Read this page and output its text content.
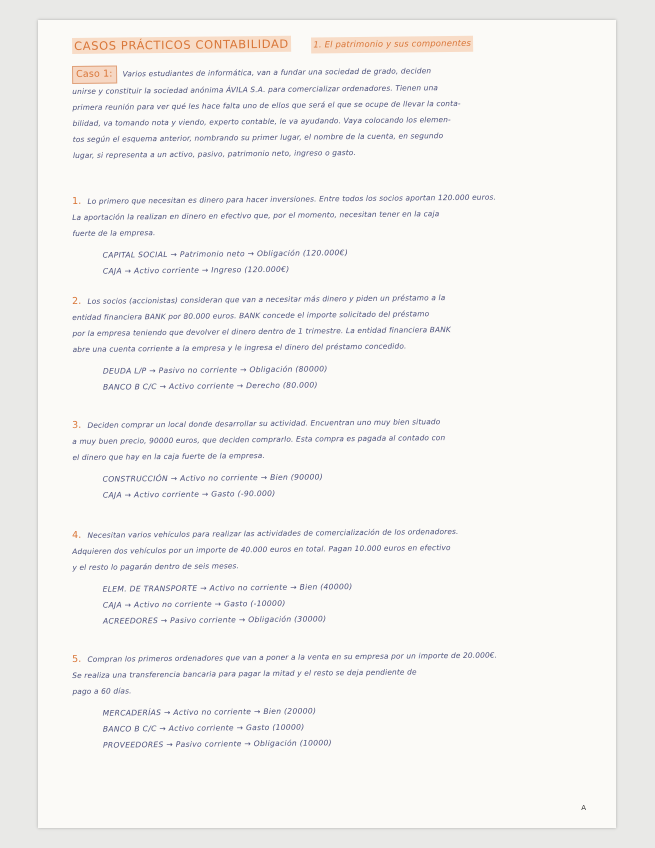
CASOS PRÁCTICOS CONTABILIDAD	1. El patrimonio y sus componentes
Caso 1: Varios estudiantes de informática, van a fundar una sociedad de grado, deciden
unirse y constituir la sociedad anónima ÁVILA S.A. para comercializar ordenadores. Tienen una
primera reunión para ver qué les hace falta uno de ellos que será el que se ocupe de llevar la conta-
bilidad, va tomando nota y viendo, experto contable, le va ayudando. Vaya colocando los elemen-
tos según el esquema anterior, nombrando su primer lugar, el nombre de la cuenta, en segundo
lugar, si representa a un activo, pasivo, patrimonio neto, ingreso o gasto.
1. Lo primero que necesitan es dinero para hacer inversiones. Entre todos los socios aportan 120.000 euros.
La aportación la realizan en dinero en efectivo que, por el momento, necesitan tener en la caja
fuerte de la empresa.
CAPITAL SOCIAL → Patrimonio neto → Obligación (120.000€)
CAJA → Activo corriente → Ingreso (120.000€)
2. Los socios (accionistas) consideran que van a necesitar más dinero y piden un préstamo a la
entidad financiera BANK por 80.000 euros. BANK concede el importe solicitado del préstamo
por la empresa teniendo que devolver el dinero dentro de 1 trimestre. La entidad financiera BANK
abre una cuenta corriente a la empresa y le ingresa el dinero del préstamo concedido.
DEUDA L/P → Pasivo no corriente → Obligación (80000)
BANCO B C/C → Activo corriente → Derecho (80.000)
3. Deciden comprar un local donde desarrollar su actividad. Encuentran uno muy bien situado
a muy buen precio, 90000 euros, que deciden comprarlo. Esta compra es pagada al contado con
el dinero que hay en la caja fuerte de la empresa.
CONSTRUCCIÓN → Activo no corriente → Bien (90000)
CAJA → Activo corriente → Gasto (-90.000)
4. Necesitan varios vehículos para realizar las actividades de comercialización de los ordenadores.
Adquieren dos vehículos por un importe de 40.000 euros en total. Pagan 10.000 euros en efectivo
y el resto lo pagarán dentro de seis meses.
ELEM. DE TRANSPORTE → Activo no corriente → Bien (40000)
CAJA → Activo no corriente → Gasto (-10000)
ACREEDORES → Pasivo corriente → Obligación (30000)
5. Compran los primeros ordenadores que van a poner a la venta en su empresa por un importe de 20.000€.
Se realiza una transferencia bancaria para pagar la mitad y el resto se deja pendiente de
pago a 60 días.
MERCADERÍAS → Activo no corriente → Bien (20000)
BANCO B C/C → Activo corriente → Gasto (10000)
PROVEEDORES → Pasivo corriente → Obligación (10000)
A
